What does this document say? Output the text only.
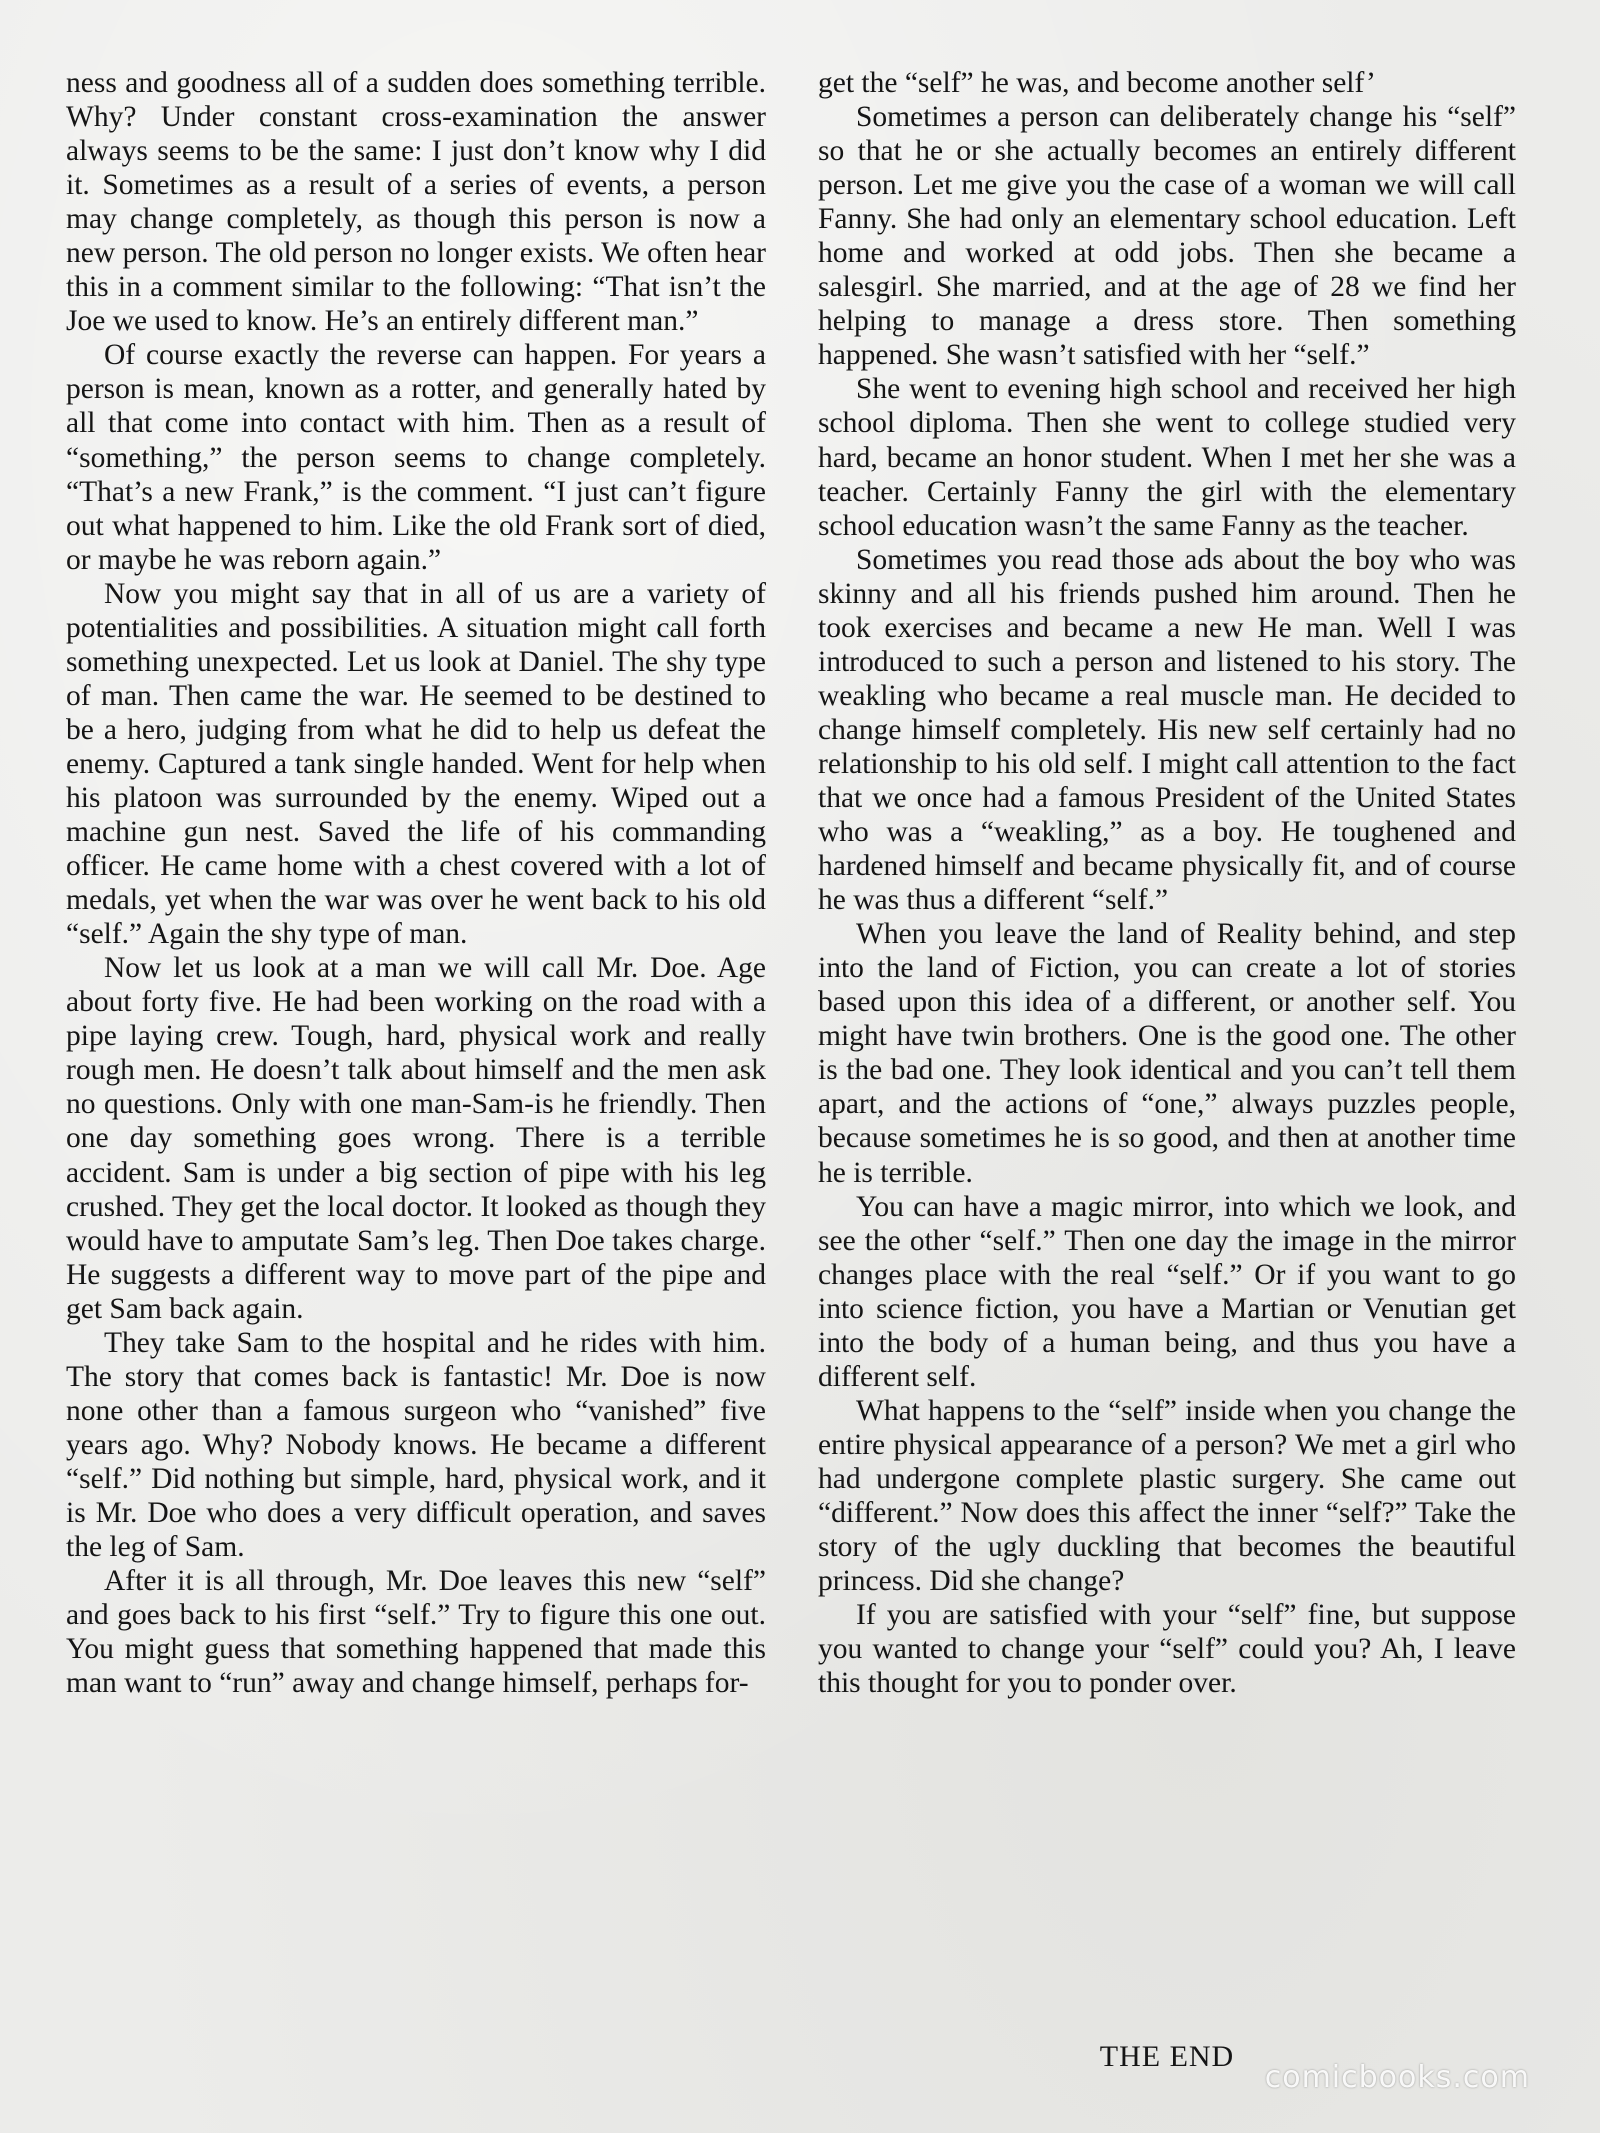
ness and goodness all of a sudden does something terrible. Why? Under constant cross-examination the answer always seems to be the same: I just don’t know why I did it. Sometimes as a result of a series of events, a person may change completely, as though this person is now a new person. The old person no longer exists. We often hear this in a comment similar to the following: “That isn’t the Joe we used to know. He’s an entirely different man.”

Of course exactly the reverse can happen. For years a person is mean, known as a rotter, and generally hated by all that come into contact with him. Then as a result of “something,” the person seems to change completely. “That’s a new Frank,” is the comment. “I just can’t figure out what happened to him. Like the old Frank sort of died, or maybe he was reborn again.”

Now you might say that in all of us are a variety of potentialities and possibilities. A situation might call forth something unexpected. Let us look at Daniel. The shy type of man. Then came the war. He seemed to be destined to be a hero, judging from what he did to help us defeat the enemy. Captured a tank single handed. Went for help when his platoon was surrounded by the enemy. Wiped out a machine gun nest. Saved the life of his commanding officer. He came home with a chest covered with a lot of medals, yet when the war was over he went back to his old “self.” Again the shy type of man.

Now let us look at a man we will call Mr. Doe. Age about forty five. He had been working on the road with a pipe laying crew. Tough, hard, physical work and really rough men. He doesn’t talk about himself and the men ask no questions. Only with one man-Sam-is he friendly. Then one day something goes wrong. There is a terrible accident. Sam is under a big section of pipe with his leg crushed. They get the local doctor. It looked as though they would have to amputate Sam’s leg. Then Doe takes charge. He suggests a different way to move part of the pipe and get Sam back again.

They take Sam to the hospital and he rides with him. The story that comes back is fantastic! Mr. Doe is now none other than a famous surgeon who “vanished” five years ago. Why? Nobody knows. He became a different “self.” Did nothing but simple, hard, physical work, and it is Mr. Doe who does a very difficult operation, and saves the leg of Sam.

After it is all through, Mr. Doe leaves this new “self” and goes back to his first “self.” Try to figure this one out. You might guess that something happened that made this man want to “run” away and change himself, perhaps for-

get the “self” he was, and become another self’

Sometimes a person can deliberately change his “self” so that he or she actually becomes an entirely different person. Let me give you the case of a woman we will call Fanny. She had only an elementary school education. Left home and worked at odd jobs. Then she became a salesgirl. She married, and at the age of 28 we find her helping to manage a dress store. Then something happened. She wasn’t satisfied with her “self.”

She went to evening high school and received her high school diploma. Then she went to college studied very hard, became an honor student. When I met her she was a teacher. Certainly Fanny the girl with the elementary school education wasn’t the same Fanny as the teacher.

Sometimes you read those ads about the boy who was skinny and all his friends pushed him around. Then he took exercises and became a new He man. Well I was introduced to such a person and listened to his story. The weakling who became a real muscle man. He decided to change himself completely. His new self certainly had no relationship to his old self. I might call attention to the fact that we once had a famous President of the United States who was a “weakling,” as a boy. He toughened and hardened himself and became physically fit, and of course he was thus a different “self.”

When you leave the land of Reality behind, and step into the land of Fiction, you can create a lot of stories based upon this idea of a different, or another self. You might have twin brothers. One is the good one. The other is the bad one. They look identical and you can’t tell them apart, and the actions of “one,” always puzzles people, because sometimes he is so good, and then at another time he is terrible.

You can have a magic mirror, into which we look, and see the other “self.” Then one day the image in the mirror changes place with the real “self.” Or if you want to go into science fiction, you have a Martian or Venutian get into the body of a human being, and thus you have a different self.

What happens to the “self” inside when you change the entire physical appearance of a person? We met a girl who had undergone complete plastic surgery. She came out “different.” Now does this affect the inner “self?” Take the story of the ugly duckling that becomes the beautiful princess. Did she change?

If you are satisfied with your “self” fine, but suppose you wanted to change your “self” could you? Ah, I leave this thought for you to ponder over.

THE END
comicbooks.com
